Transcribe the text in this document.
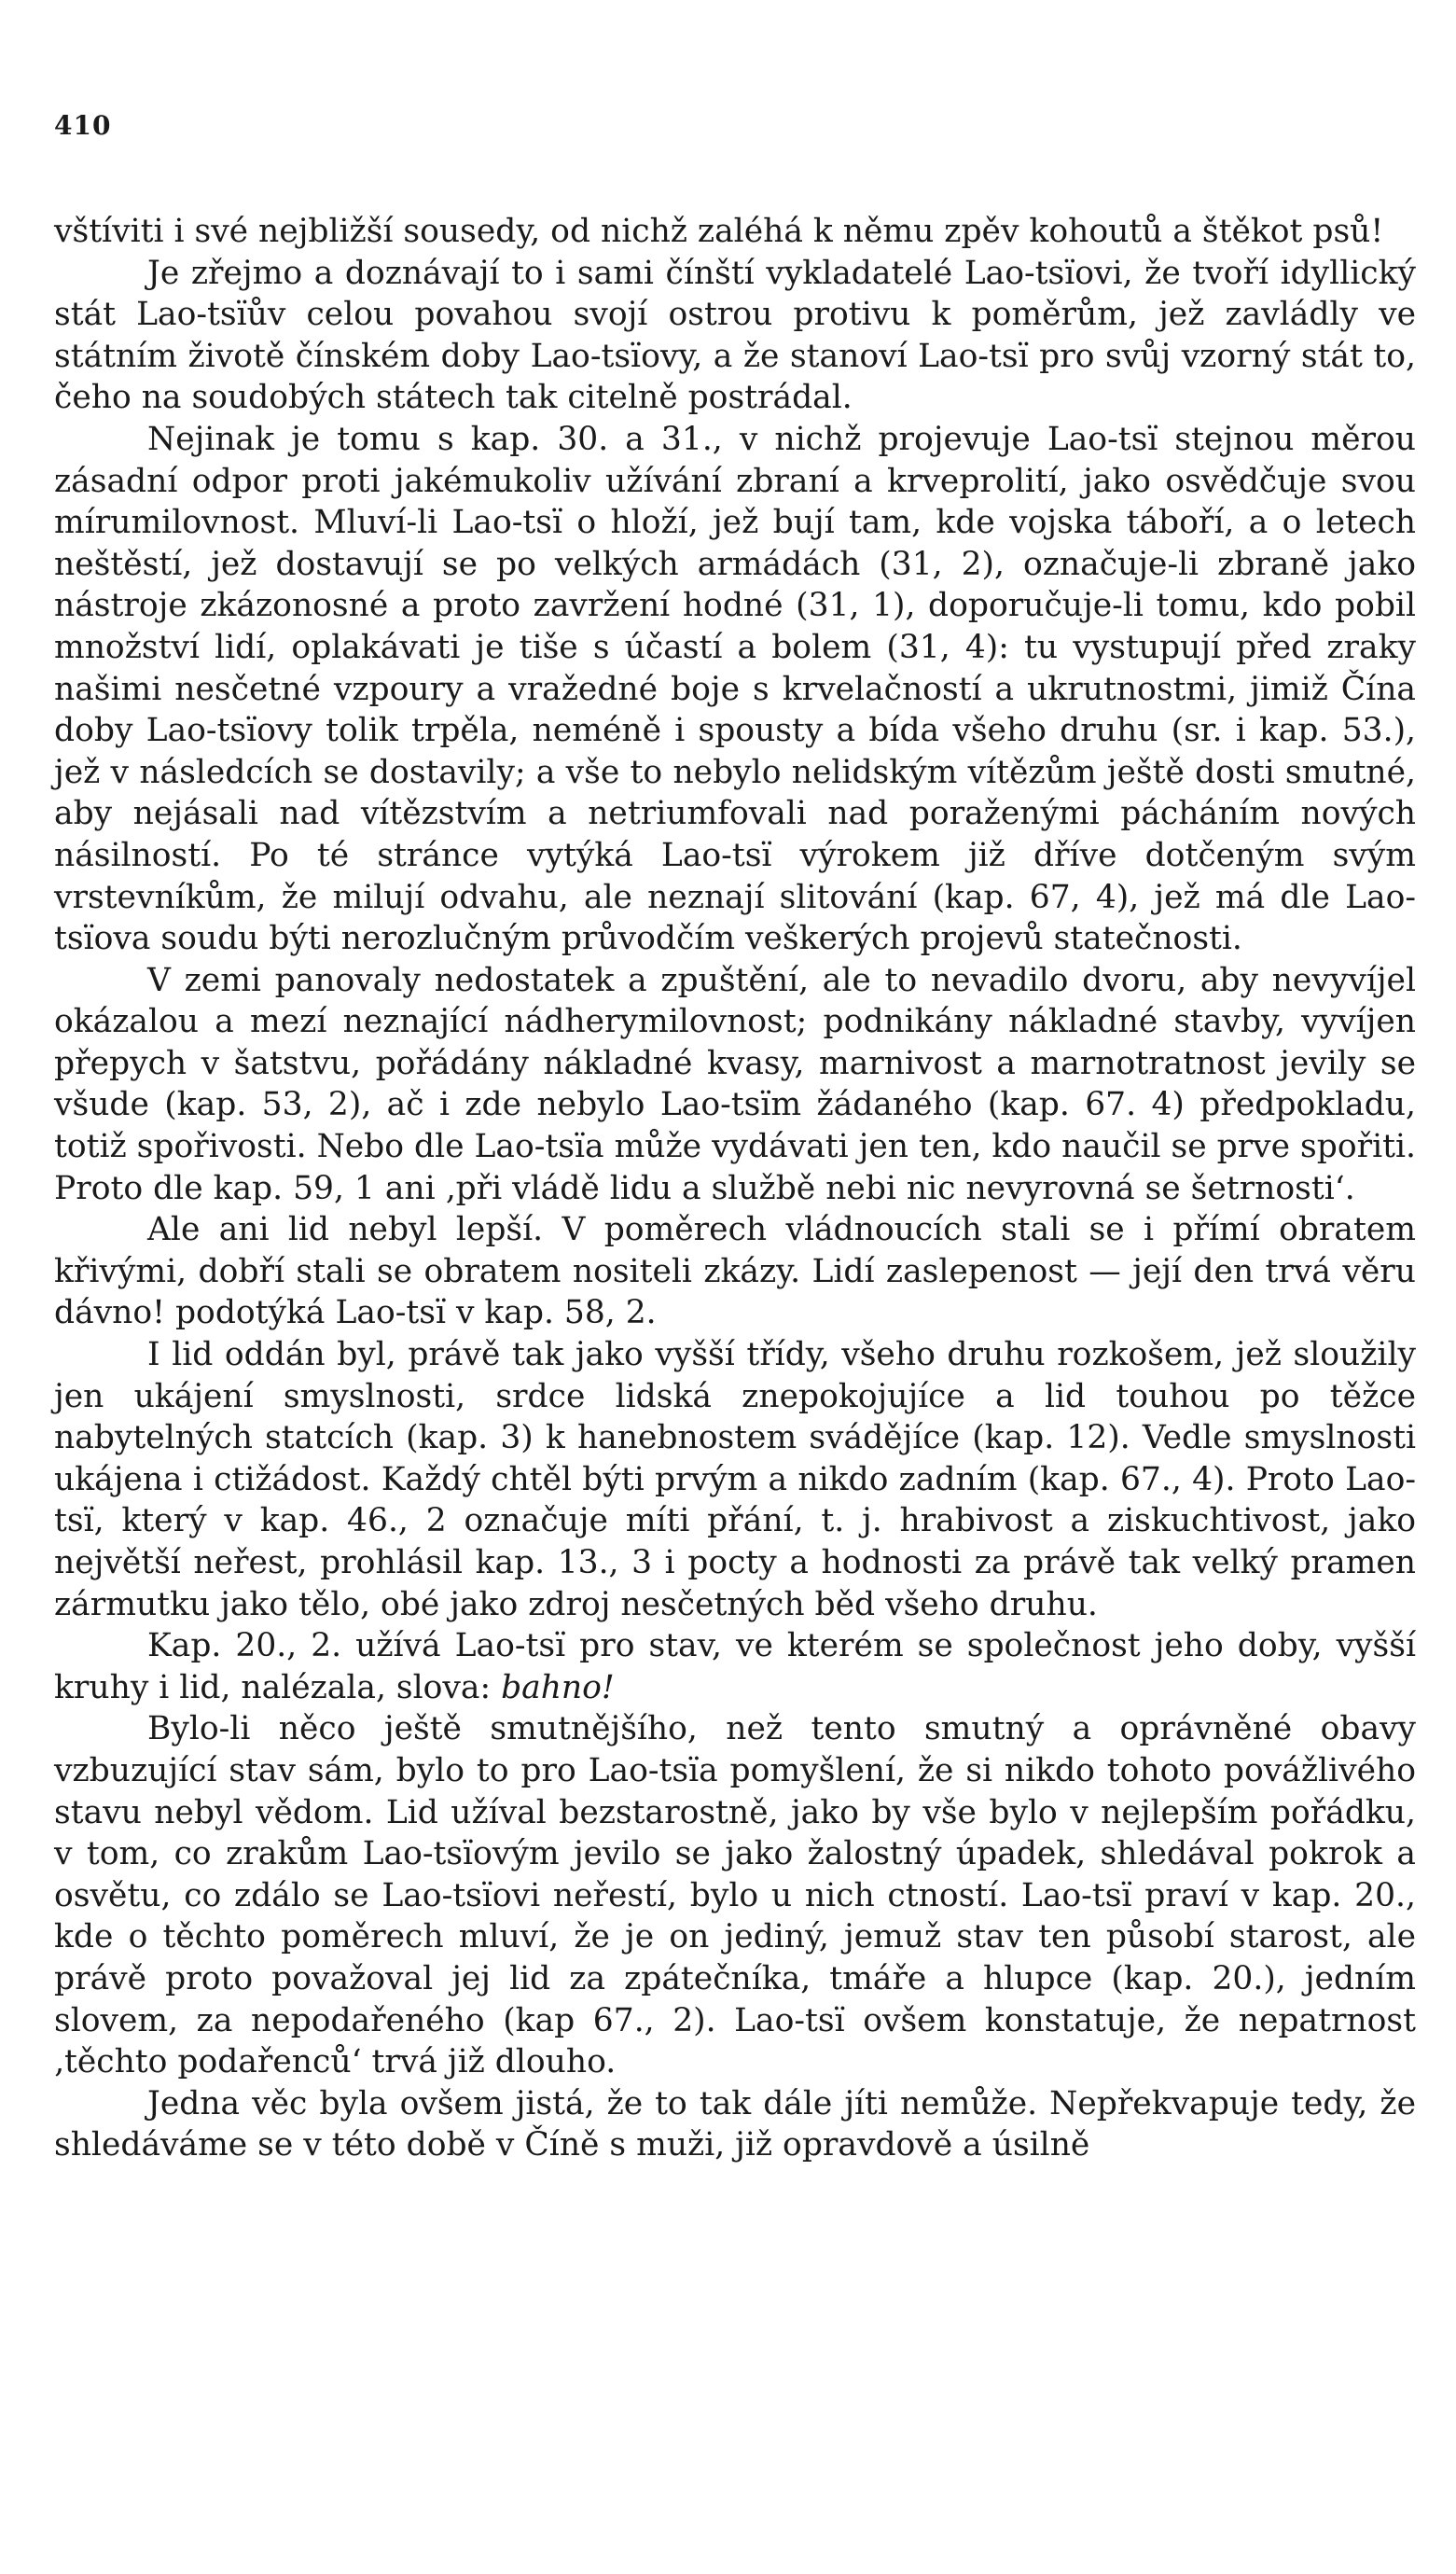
410

vštíviti i své nejbližší sousedy, od nichž zaléhá k němu zpěv kohoutů a štěkot psů!

Je zřejmo a doznávají to i sami čínští vykladatelé Lao-tsïovi, že tvoří idyllický stát Lao-tsïův celou povahou svojí ostrou protivu k poměrům, jež zavládly ve státním životě čínském doby Lao-tsïovy, a že stanoví Lao-tsï pro svůj vzorný stát to, čeho na soudobých státech tak citelně postrádal.

Nejinak je tomu s kap. 30. a 31., v nichž projevuje Lao-tsï stejnou měrou zásadní odpor proti jakémukoliv užívání zbraní a krveprolití, jako osvědčuje svou mírumilovnost. Mluví-li Lao-tsï o hloží, jež bují tam, kde vojska táboří, a o letech neštěstí, jež dostavují se po velkých armádách (31, 2), označuje-li zbraně jako nástroje zkázonosné a proto zavržení hodné (31, 1), doporučuje-li tomu, kdo pobil množství lidí, oplakávati je tiše s účastí a bolem (31, 4): tu vystupují před zraky našimi nesčetné vzpoury a vražedné boje s krvelačností a ukrutnostmi, jimiž Čína doby Lao-tsïovy tolik trpěla, neméně i spousty a bída všeho druhu (sr. i kap. 53.), jež v následcích se dostavily; a vše to nebylo nelidským vítězům ještě dosti smutné, aby nejásali nad vítězstvím a netriumfovali nad poraženými pácháním nových násilností. Po té stránce vytýká Lao-tsï výrokem již dříve dotčeným svým vrstevníkům, že milují odvahu, ale neznají slitování (kap. 67, 4), jež má dle Lao-tsïova soudu býti nerozlučným průvodčím veškerých projevů statečnosti.

V zemi panovaly nedostatek a zpuštění, ale to nevadilo dvoru, aby nevyvíjel okázalou a mezí neznající nádherymilovnost; podnikány nákladné stavby, vyvíjen přepych v šatstvu, pořádány nákladné kvasy, marnivost a marnotratnost jevily se všude (kap. 53, 2), ač i zde nebylo Lao-tsïm žádaného (kap. 67. 4) předpokladu, totiž spořivosti. Nebo dle Lao-tsïa může vydávati jen ten, kdo naučil se prve spořiti. Proto dle kap. 59, 1 ani ‚při vládě lidu a službě nebi nic nevyrovná se šetrnosti‘.

Ale ani lid nebyl lepší. V poměrech vládnoucích stali se i přímí obratem křivými, dobří stali se obratem nositeli zkázy. Lidí zaslepenost — její den trvá věru dávno! podotýká Lao-tsï v kap. 58, 2.

I lid oddán byl, právě tak jako vyšší třídy, všeho druhu rozkošem, jež sloužily jen ukájení smyslnosti, srdce lidská znepokojujíce a lid touhou po těžce nabytelných statcích (kap. 3) k hanebnostem svádějíce (kap. 12). Vedle smyslnosti ukájena i ctižádost. Každý chtěl býti prvým a nikdo zadním (kap. 67., 4). Proto Lao-tsï, který v kap. 46., 2 označuje míti přání, t. j. hrabivost a ziskuchtivost, jako největší neřest, prohlásil kap. 13., 3 i pocty a hodnosti za právě tak velký pramen zármutku jako tělo, obé jako zdroj nesčetných běd všeho druhu.

Kap. 20., 2. užívá Lao-tsï pro stav, ve kterém se společnost jeho doby, vyšší kruhy i lid, nalézala, slova: bahno!

Bylo-li něco ještě smutnějšího, než tento smutný a oprávněné obavy vzbuzující stav sám, bylo to pro Lao-tsïa pomyšlení, že si nikdo tohoto povážlivého stavu nebyl vědom. Lid užíval bezstarostně, jako by vše bylo v nejlepším pořádku, v tom, co zrakům Lao-tsïovým jevilo se jako žalostný úpadek, shledával pokrok a osvětu, co zdálo se Lao-tsïovi neřestí, bylo u nich ctností. Lao-tsï praví v kap. 20., kde o těchto poměrech mluví, že je on jediný, jemuž stav ten působí starost, ale právě proto považoval jej lid za zpátečníka, tmáře a hlupce (kap. 20.), jedním slovem, za nepodařeného (kap 67., 2). Lao-tsï ovšem konstatuje, že nepatrnost ‚těchto podařenců‘ trvá již dlouho.

Jedna věc byla ovšem jistá, že to tak dále jíti nemůže. Nepřekvapuje tedy, že shledáváme se v této době v Číně s muži, již opravdově a úsilně
